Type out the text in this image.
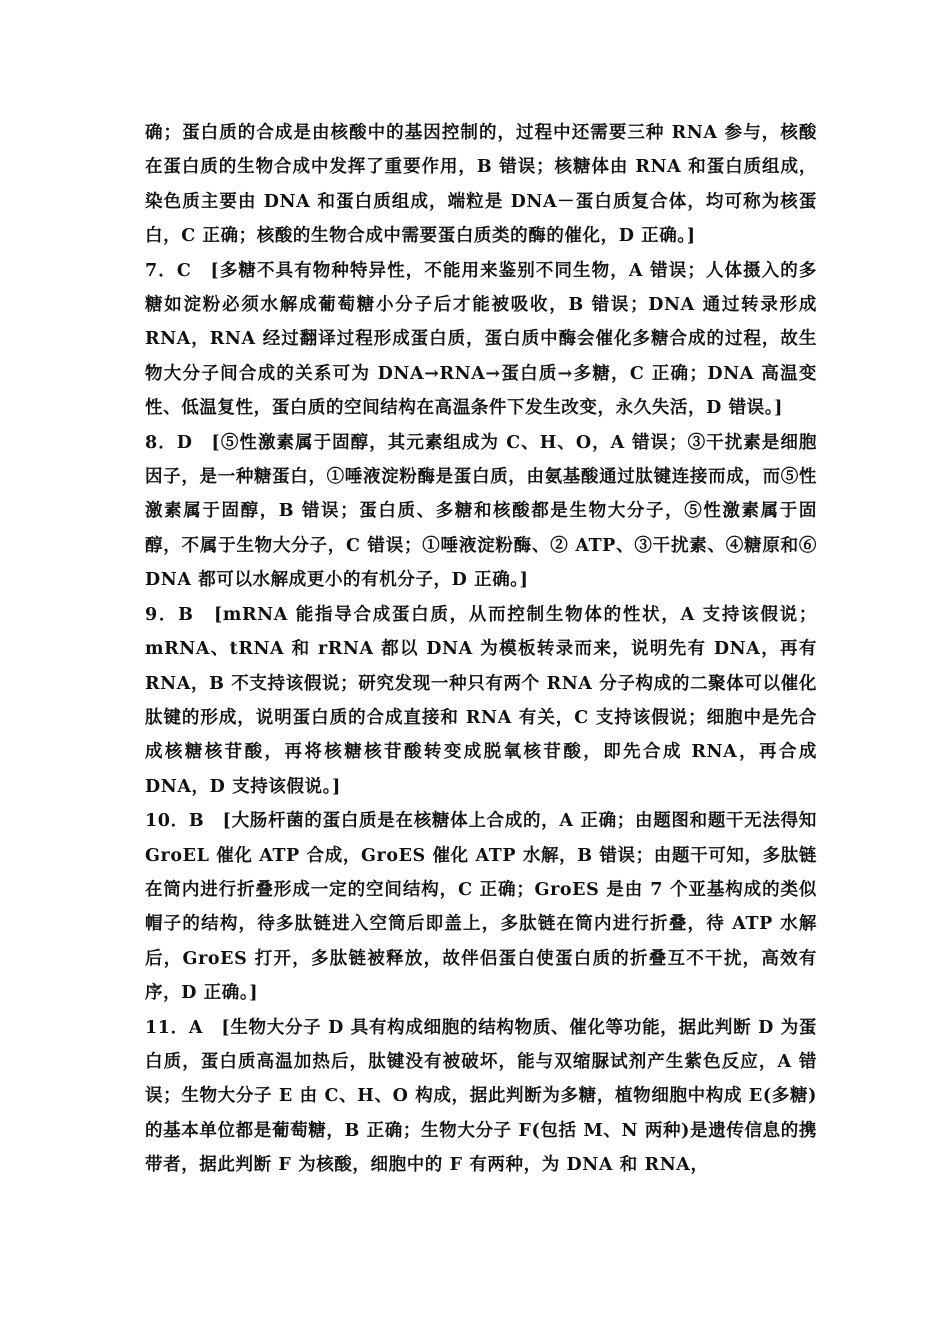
确；蛋白质的合成是由核酸中的基因控制的，过程中还需要三种 RNA 参与，核酸在蛋白质的生物合成中发挥了重要作用，B 错误；核糖体由 RNA 和蛋白质组成，染色质主要由 DNA 和蛋白质组成，端粒是 DNA－蛋白质复合体，均可称为核蛋白，C 正确；核酸的生物合成中需要蛋白质类的酶的催化，D 正确。]

7．C　[多糖不具有物种特异性，不能用来鉴别不同生物，A 错误；人体摄入的多糖如淀粉必须水解成葡萄糖小分子后才能被吸收，B 错误；DNA 通过转录形成 RNA，RNA 经过翻译过程形成蛋白质，蛋白质中酶会催化多糖合成的过程，故生物大分子间合成的关系可为 DNA→RNA→蛋白质→多糖，C 正确；DNA 高温变性、低温复性，蛋白质的空间结构在高温条件下发生改变，永久失活，D 错误。]

8．D　[⑤性激素属于固醇，其元素组成为 C、H、O，A 错误；③干扰素是细胞因子，是一种糖蛋白，①唾液淀粉酶是蛋白质，由氨基酸通过肽键连接而成，而⑤性激素属于固醇，B 错误；蛋白质、多糖和核酸都是生物大分子，⑤性激素属于固醇，不属于生物大分子，C 错误；①唾液淀粉酶、② ATP、③干扰素、④糖原和⑥ DNA 都可以水解成更小的有机分子，D 正确。]

9．B　[mRNA 能指导合成蛋白质，从而控制生物体的性状，A 支持该假说；mRNA、tRNA 和 rRNA 都以 DNA 为模板转录而来，说明先有 DNA，再有 RNA，B 不支持该假说；研究发现一种只有两个 RNA 分子构成的二聚体可以催化肽键的形成，说明蛋白质的合成直接和 RNA 有关，C 支持该假说；细胞中是先合成核糖核苷酸，再将核糖核苷酸转变成脱氧核苷酸，即先合成 RNA，再合成 DNA，D 支持该假说。]

10．B　[大肠杆菌的蛋白质是在核糖体上合成的，A 正确；由题图和题干无法得知 GroEL 催化 ATP 合成，GroES 催化 ATP 水解，B 错误；由题干可知，多肽链在筒内进行折叠形成一定的空间结构，C 正确；GroES 是由 7 个亚基构成的类似帽子的结构，待多肽链进入空筒后即盖上，多肽链在筒内进行折叠，待 ATP 水解后，GroES 打开，多肽链被释放，故伴侣蛋白使蛋白质的折叠互不干扰，高效有序，D 正确。]

11．A　[生物大分子 D 具有构成细胞的结构物质、催化等功能，据此判断 D 为蛋白质，蛋白质高温加热后，肽键没有被破坏，能与双缩脲试剂产生紫色反应，A 错误；生物大分子 E 由 C、H、O 构成，据此判断为多糖，植物细胞中构成 E(多糖)的基本单位都是葡萄糖，B 正确；生物大分子 F(包括 M、N 两种)是遗传信息的携带者，据此判断 F 为核酸，细胞中的 F 有两种，为 DNA 和 RNA，
